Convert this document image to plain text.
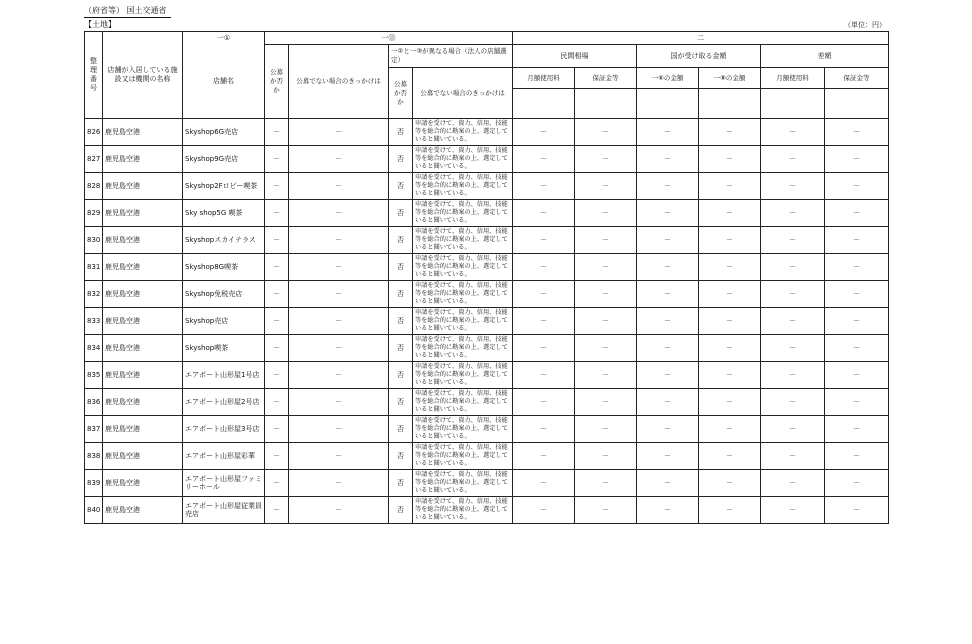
（府省等） 国土交通省
【土地】	（単位：円）
整理番号	店舗が入居している施設又は機関の名称	一①	一⑪				二					
		店舗名	公募か否か	公募でない場合のきっかけは	一②と一③が異なる場合（法人の店舗選定）		民間相場		国が受け取る金額		差額	
					公募か否か	公募でない場合のきっかけは	月額使用料	保証金等	一⑥の金額	一⑧の金額	月額使用料	保証金等

826	鹿児島空港	Skyshop6G売店	－	－	否	申請を受けて、資力、信用、技能等を総合的に勘案の上、選定していると聞いている。	－	－	－	－	－	－
827	鹿児島空港	Skyshop9G売店	－	－	否	申請を受けて、資力、信用、技能等を総合的に勘案の上、選定していると聞いている。	－	－	－	－	－	－
828	鹿児島空港	Skyshop2Fロビー喫茶	－	－	否	申請を受けて、資力、信用、技能等を総合的に勘案の上、選定していると聞いている。	－	－	－	－	－	－
829	鹿児島空港	Sky shop5G 喫茶	－	－	否	申請を受けて、資力、信用、技能等を総合的に勘案の上、選定していると聞いている。	－	－	－	－	－	－
830	鹿児島空港	Skyshopスカイテラス	－	－	否	申請を受けて、資力、信用、技能等を総合的に勘案の上、選定していると聞いている。	－	－	－	－	－	－
831	鹿児島空港	Skyshop8G喫茶	－	－	否	申請を受けて、資力、信用、技能等を総合的に勘案の上、選定していると聞いている。	－	－	－	－	－	－
832	鹿児島空港	Skyshop免税売店	－	－	否	申請を受けて、資力、信用、技能等を総合的に勘案の上、選定していると聞いている。	－	－	－	－	－	－
833	鹿児島空港	Skyshop売店	－	－	否	申請を受けて、資力、信用、技能等を総合的に勘案の上、選定していると聞いている。	－	－	－	－	－	－
834	鹿児島空港	Skyshop喫茶	－	－	否	申請を受けて、資力、信用、技能等を総合的に勘案の上、選定していると聞いている。	－	－	－	－	－	－
835	鹿児島空港	エアポート山形屋1号店	－	－	否	申請を受けて、資力、信用、技能等を総合的に勘案の上、選定していると聞いている。	－	－	－	－	－	－
836	鹿児島空港	エアポート山形屋2号店	－	－	否	申請を受けて、資力、信用、技能等を総合的に勘案の上、選定していると聞いている。	－	－	－	－	－	－
837	鹿児島空港	エアポート山形屋3号店	－	－	否	申請を受けて、資力、信用、技能等を総合的に勘案の上、選定していると聞いている。	－	－	－	－	－	－
838	鹿児島空港	エアポート山形屋彩華	－	－	否	申請を受けて、資力、信用、技能等を総合的に勘案の上、選定していると聞いている。	－	－	－	－	－	－
839	鹿児島空港	エアポート山形屋ファミリーホール	－	－	否	申請を受けて、資力、信用、技能等を総合的に勘案の上、選定していると聞いている。	－	－	－	－	－	－
840	鹿児島空港	エアポート山形屋従業員売店	－	－	否	申請を受けて、資力、信用、技能等を総合的に勘案の上、選定していると聞いている。	－	－	－	－	－	－
